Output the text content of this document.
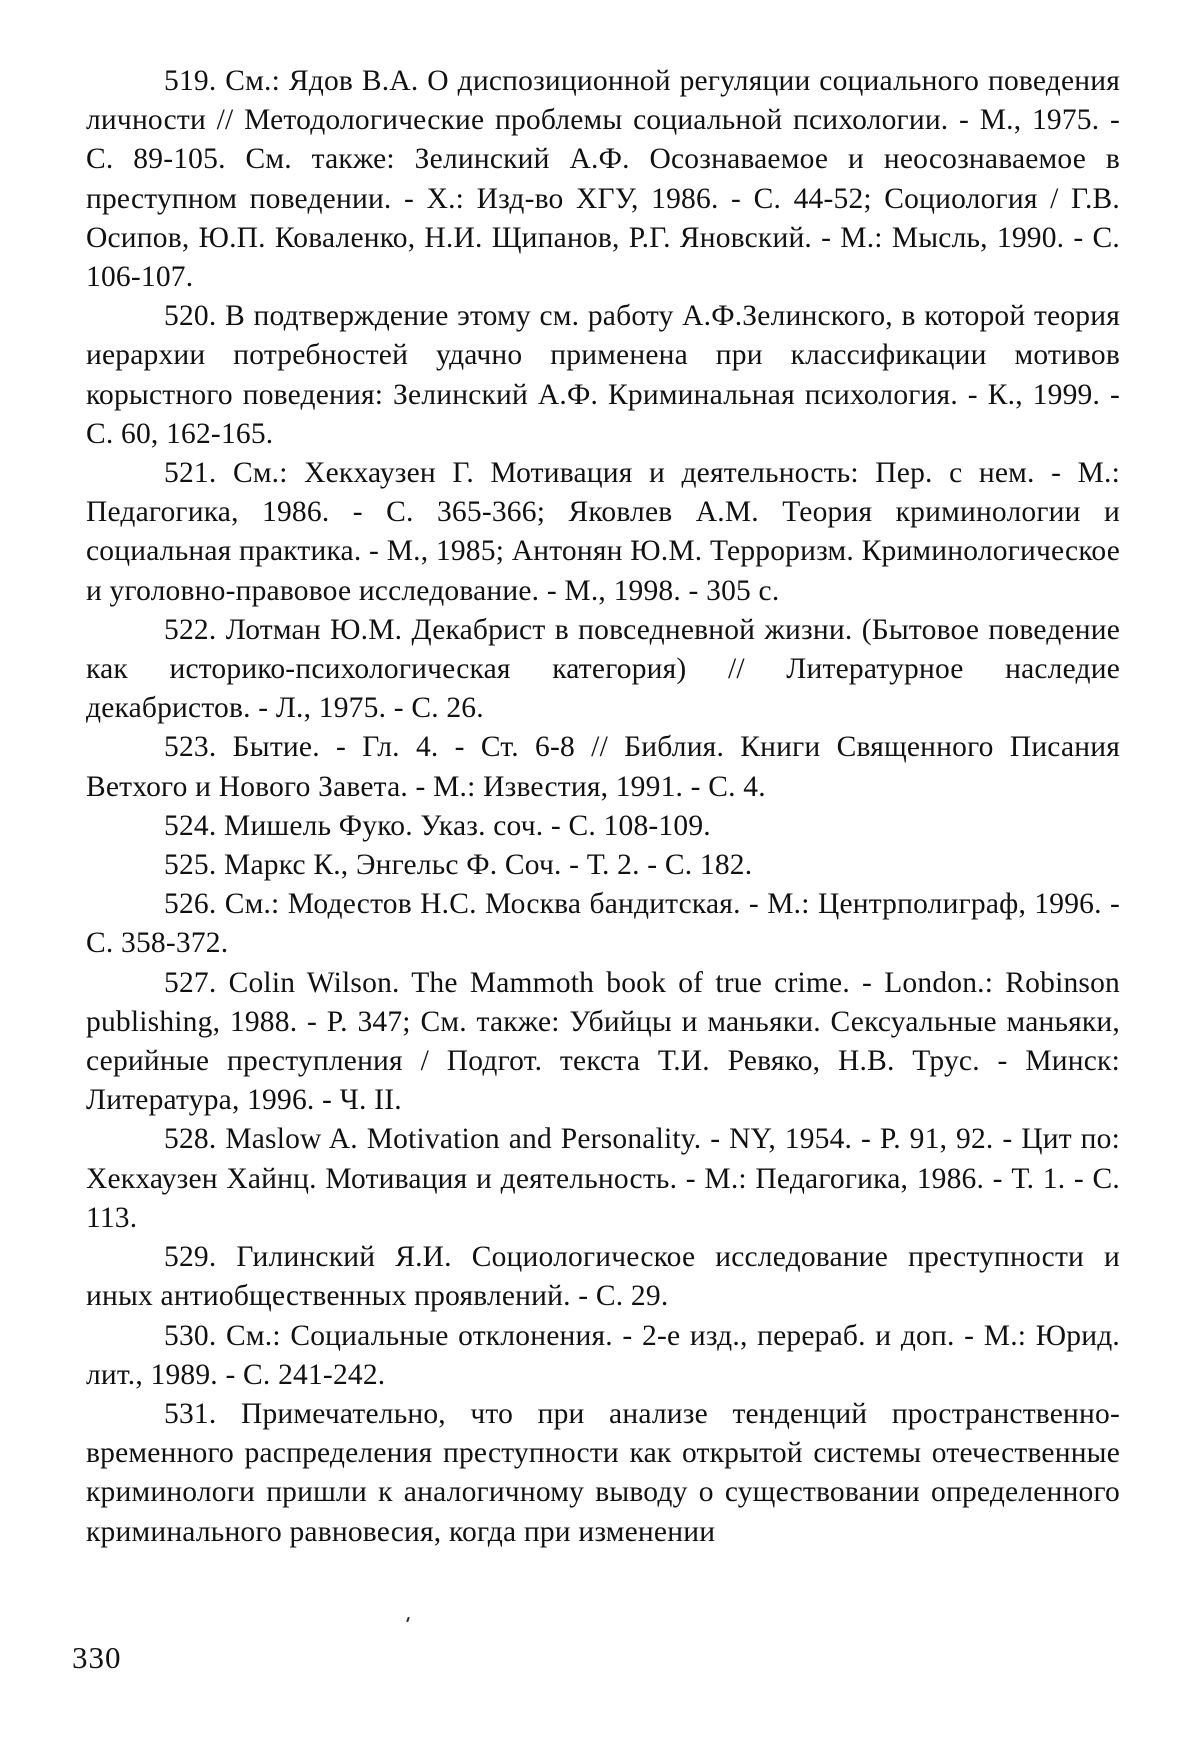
519. См.: Ядов В.А. О диспозиционной регуляции социального поведения личности // Методологические проблемы социальной психологии. - М., 1975. - С. 89-105. См. также: Зелинский А.Ф. Осознаваемое и неосознаваемое в преступном поведении. - Х.: Изд-во ХГУ, 1986. - С. 44-52; Социология / Г.В. Осипов, Ю.П. Коваленко, Н.И. Щипанов, Р.Г. Яновский. - М.: Мысль, 1990. - С. 106-107.

520. В подтверждение этому см. работу А.Ф.Зелинского, в которой теория иерархии потребностей удачно применена при классификации мотивов корыстного поведения: Зелинский А.Ф. Криминальная психология. - К., 1999. - С. 60, 162-165.

521. См.: Хекхаузен Г. Мотивация и деятельность: Пер. с нем. - М.: Педагогика, 1986. - С. 365-366; Яковлев А.М. Теория криминологии и социальная практика. - М., 1985; Антонян Ю.М. Терроризм. Криминологическое и уголовно-правовое исследование. - М., 1998. - 305 с.

522. Лотман Ю.М. Декабрист в повседневной жизни. (Бытовое поведение как историко-психологическая категория) // Литературное наследие декабристов. - Л., 1975. - С. 26.

523. Бытие. - Гл. 4. - Ст. 6-8 // Библия. Книги Священного Писания Ветхого и Нового Завета. - М.: Известия, 1991. - С. 4.

524. Мишель Фуко. Указ. соч. - С. 108-109.

525. Маркс К., Энгельс Ф. Соч. - Т. 2. - С. 182.

526. См.: Модестов Н.С. Москва бандитская. - М.: Центрполиграф, 1996. - С. 358-372.

527. Colin Wilson. The Mammoth book of true crime. - London.: Robinson publishing, 1988. - P. 347; См. также: Убийцы и маньяки. Сексуальные маньяки, серийные преступления / Подгот. текста Т.И. Ревяко, Н.В. Трус. - Минск: Литература, 1996. - Ч. II.

528. Maslow A. Motivation and Personality. - NY, 1954. - P. 91, 92. - Цит по: Хекхаузен Хайнц. Мотивация и деятельность. - М.: Педагогика, 1986. - Т. 1. - С. 113.

529. Гилинский Я.И. Социологическое исследование преступности и иных антиобщественных проявлений. - С. 29.

530. См.: Социальные отклонения. - 2-е изд., перераб. и доп. - М.: Юрид. лит., 1989. - С. 241-242.

531. Примечательно, что при анализе тенденций пространственно-временного распределения преступности как открытой системы отечественные криминологи пришли к аналогичному выводу о существовании определенного криминального равновесия, когда при изменении

330
